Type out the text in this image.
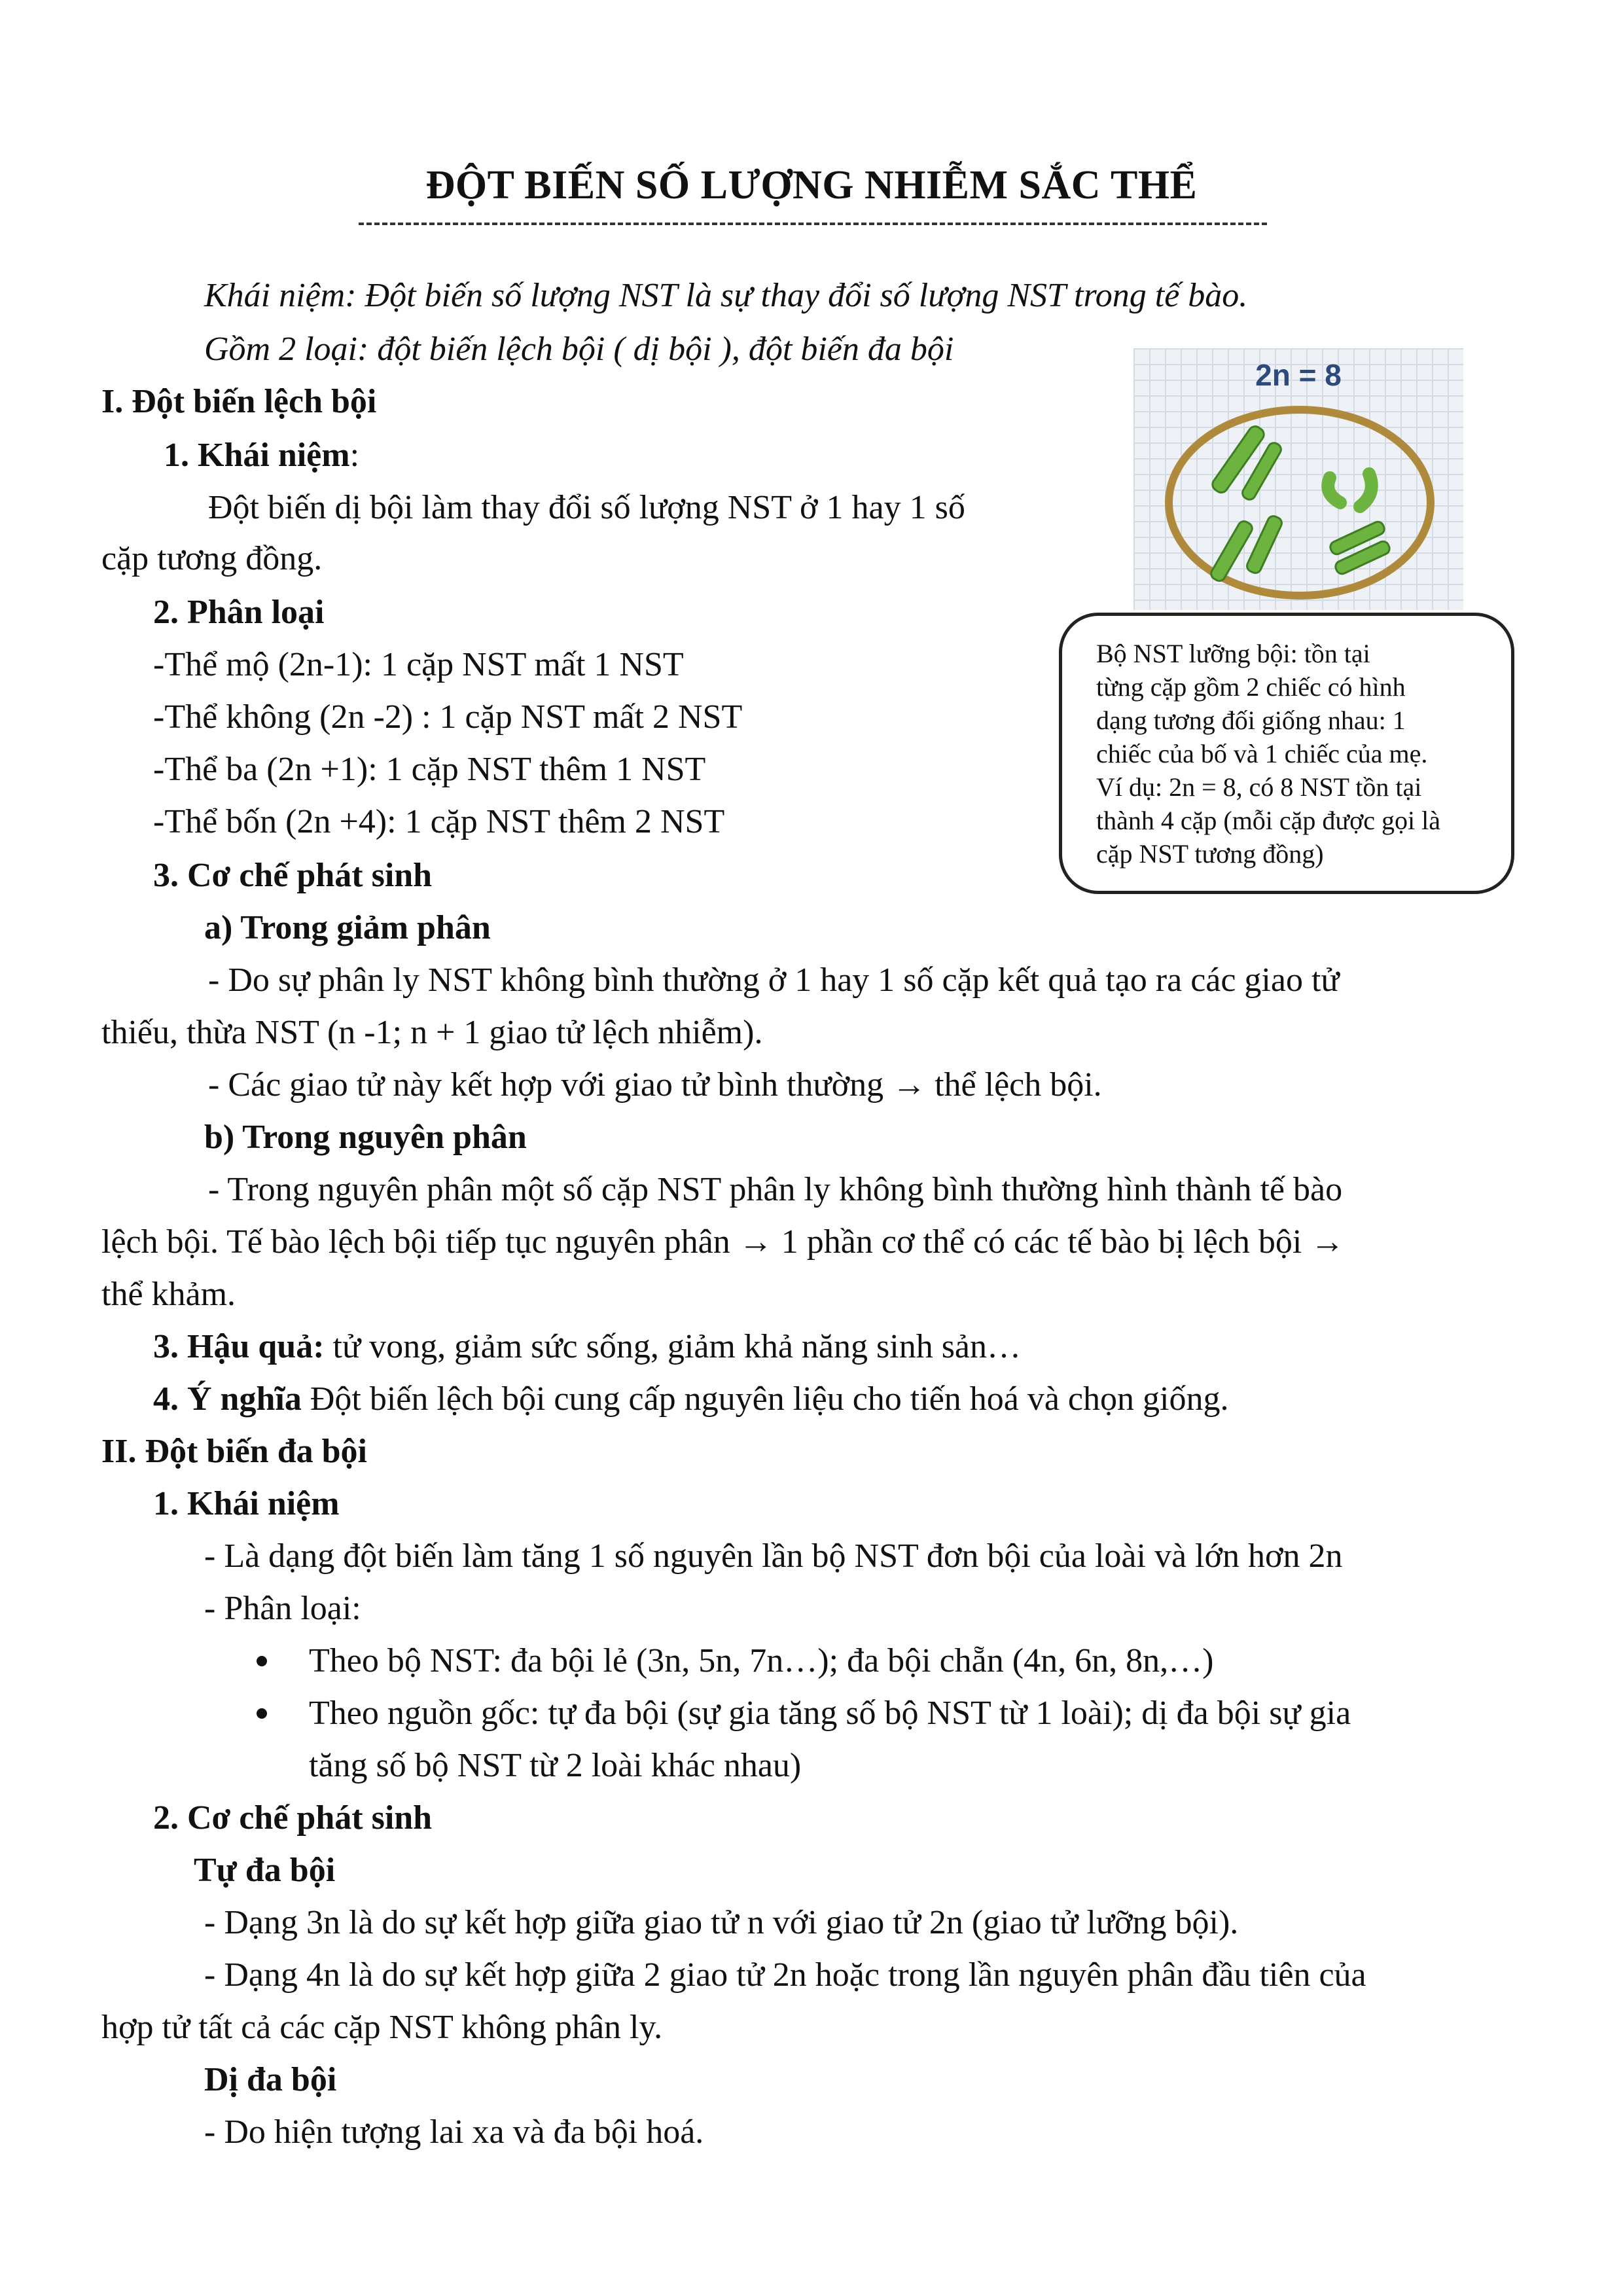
ĐỘT BIẾN SỐ LƯỢNG NHIỄM SẮC THỂ
Khái niệm: Đột biến số lượng NST là sự thay đổi số lượng NST trong tế bào.
Gồm 2 loại: đột biến lệch bội ( dị bội ), đột biến đa bội
2n = 8
Bộ NST lưỡng bội: tồn tại
từng cặp gồm 2 chiếc có hình
dạng tương đối giống nhau: 1
chiếc của bố và 1 chiếc của mẹ.
Ví dụ: 2n = 8, có 8 NST tồn tại
thành 4 cặp (mỗi cặp được gọi là
cặp NST tương đồng)
I. Đột biến lệch bội
1. Khái niệm:
Đột biến dị bội làm thay đổi số lượng NST ở 1 hay 1 số
cặp tương đồng.
2. Phân loại
-Thể mộ (2n-1): 1 cặp NST mất 1 NST
-Thể không (2n -2) : 1 cặp NST mất 2 NST
-Thể ba (2n +1): 1 cặp NST thêm 1 NST
-Thể bốn (2n +4): 1 cặp NST thêm 2 NST
3. Cơ chế phát sinh
a) Trong giảm phân
- Do sự phân ly NST không bình thường ở 1 hay 1 số cặp kết quả tạo ra các giao tử
thiếu, thừa NST (n -1; n + 1 giao tử lệch nhiễm).
- Các giao tử này kết hợp với giao tử bình thường → thể lệch bội.
b) Trong nguyên phân
- Trong nguyên phân một số cặp NST phân ly không bình thường hình thành tế bào
lệch bội. Tế bào lệch bội tiếp tục nguyên phân → 1 phần cơ thể có các tế bào bị lệch bội →
thể khảm.
3. Hậu quả: tử vong, giảm sức sống, giảm khả năng sinh sản…
4. Ý nghĩa Đột biến lệch bội cung cấp nguyên liệu cho tiến hoá và chọn giống.
II. Đột biến đa bội
1. Khái niệm
- Là dạng đột biến làm tăng 1 số nguyên lần bộ NST đơn bội của loài và lớn hơn 2n
- Phân loại:
Theo bộ NST: đa bội lẻ (3n, 5n, 7n…); đa bội chẵn (4n, 6n, 8n,…)
Theo nguồn gốc: tự đa bội (sự gia tăng số bộ NST từ 1 loài); dị đa bội sự gia
tăng số bộ NST từ 2 loài khác nhau)
2. Cơ chế phát sinh
Tự đa bội
- Dạng 3n là do sự kết hợp giữa giao tử n với giao tử 2n (giao tử lưỡng bội).
- Dạng 4n là do sự kết hợp giữa 2 giao tử 2n hoặc trong lần nguyên phân đầu tiên của
hợp tử tất cả các cặp NST không phân ly.
Dị đa bội
- Do hiện tượng lai xa và đa bội hoá.
